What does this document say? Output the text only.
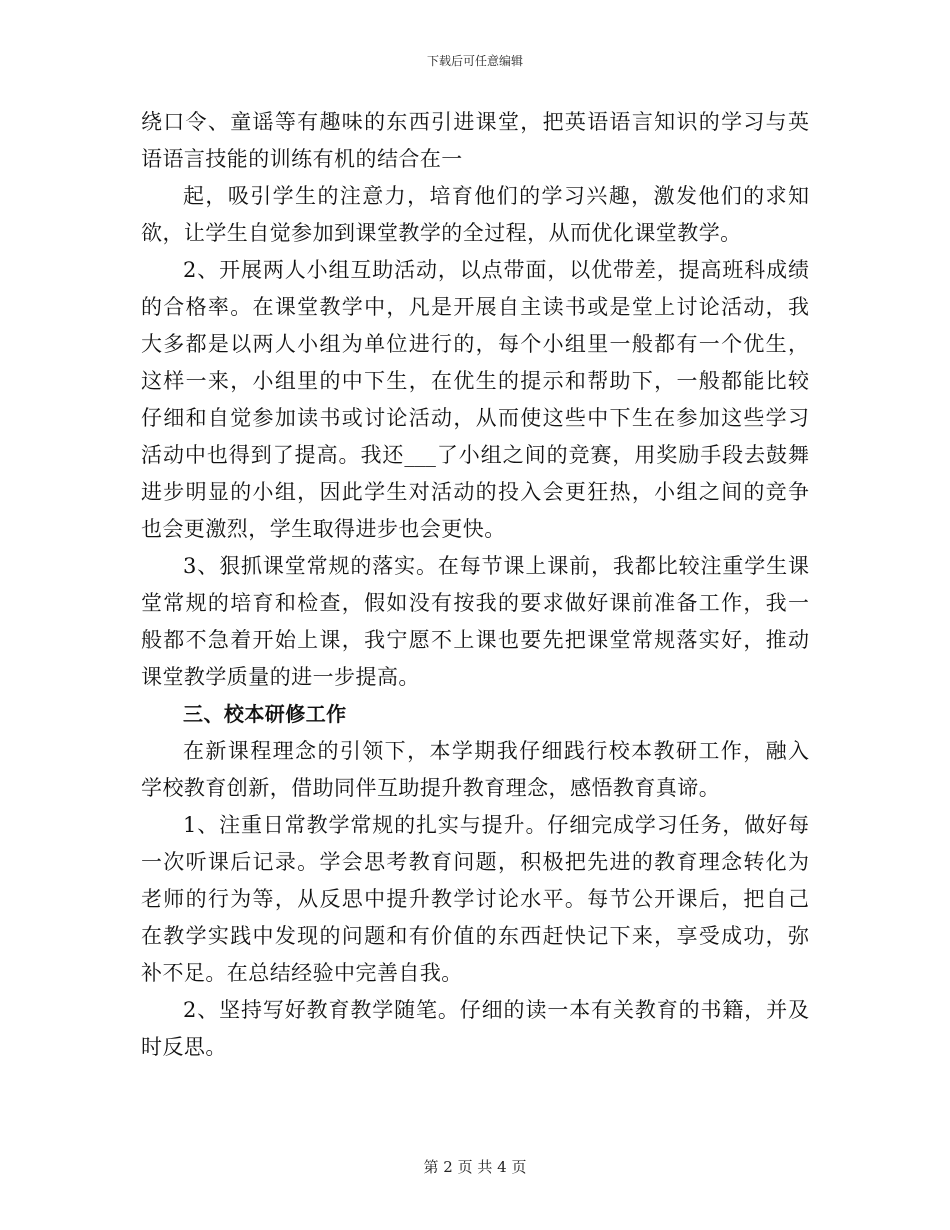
下载后可任意编辑
绕口令、童谣等有趣味的东西引进课堂，把英语语言知识的学习与英
语语言技能的训练有机的结合在一
起，吸引学生的注意力，培育他们的学习兴趣，激发他们的求知
欲，让学生自觉参加到课堂教学的全过程，从而优化课堂教学。
2、开展两人小组互助活动，以点带面，以优带差，提高班科成绩
的合格率。在课堂教学中，凡是开展自主读书或是堂上讨论活动，我
大多都是以两人小组为单位进行的，每个小组里一般都有一个优生，
这样一来，小组里的中下生，在优生的提示和帮助下，一般都能比较
仔细和自觉参加读书或讨论活动，从而使这些中下生在参加这些学习
活动中也得到了提高。我还___了小组之间的竞赛，用奖励手段去鼓舞
进步明显的小组，因此学生对活动的投入会更狂热，小组之间的竞争
也会更激烈，学生取得进步也会更快。
3、狠抓课堂常规的落实。在每节课上课前，我都比较注重学生课
堂常规的培育和检查，假如没有按我的要求做好课前准备工作，我一
般都不急着开始上课，我宁愿不上课也要先把课堂常规落实好，推动
课堂教学质量的进一步提高。
三、校本研修工作
在新课程理念的引领下，本学期我仔细践行校本教研工作，融入
学校教育创新，借助同伴互助提升教育理念，感悟教育真谛。
1、注重日常教学常规的扎实与提升。仔细完成学习任务，做好每
一次听课后记录。学会思考教育问题，积极把先进的教育理念转化为
老师的行为等，从反思中提升教学讨论水平。每节公开课后，把自己
在教学实践中发现的问题和有价值的东西赶快记下来，享受成功，弥
补不足。在总结经验中完善自我。
2、坚持写好教育教学随笔。仔细的读一本有关教育的书籍，并及
时反思。
第 2 页 共 4 页
